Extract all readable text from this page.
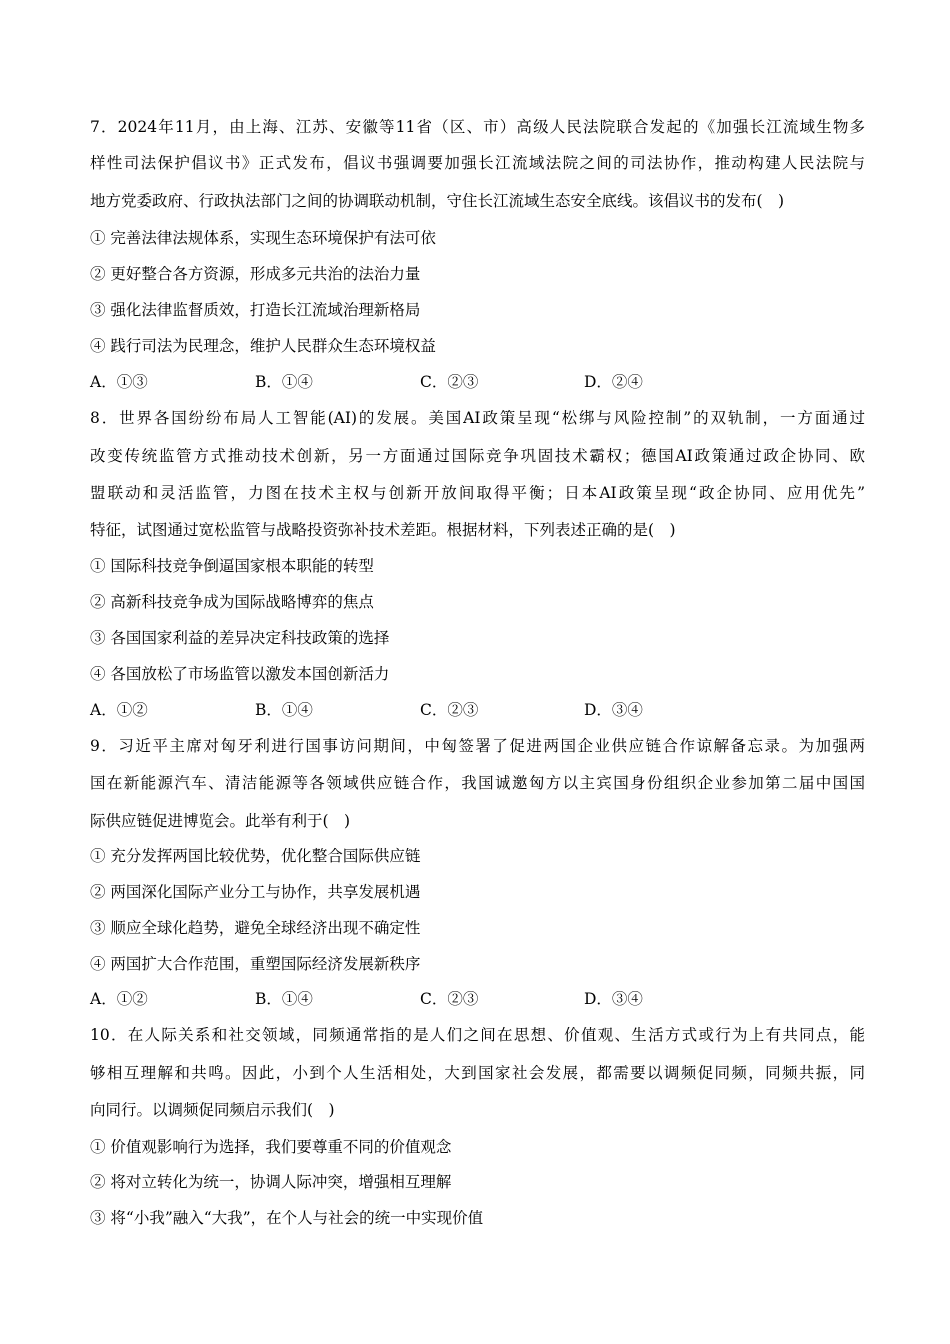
7．2024年11月，由上海、江苏、安徽等11省（区、市）高级人民法院联合发起的《加强长江流域生物多
样性司法保护倡议书》正式发布，倡议书强调要加强长江流域法院之间的司法协作，推动构建人民法院与
地方党委政府、行政执法部门之间的协调联动机制，守住长江流域生态安全底线。该倡议书的发布(　)
① 完善法律法规体系，实现生态环境保护有法可依
② 更好整合各方资源，形成多元共治的法治力量
③ 强化法律监督质效，打造长江流域治理新格局
④ 践行司法为民理念，维护人民群众生态环境权益
A．①③	B．①④	C．②③	D．②④
8．世界各国纷纷布局人工智能(AI)的发展。美国AI政策呈现“松绑与风险控制”的双轨制，一方面通过
改变传统监管方式推动技术创新，另一方面通过国际竞争巩固技术霸权；德国AI政策通过政企协同、欧
盟联动和灵活监管，力图在技术主权与创新开放间取得平衡；日本AI政策呈现“政企协同、应用优先”
特征，试图通过宽松监管与战略投资弥补技术差距。根据材料，下列表述正确的是(　)
① 国际科技竞争倒逼国家根本职能的转型
② 高新科技竞争成为国际战略博弈的焦点
③ 各国国家利益的差异决定科技政策的选择
④ 各国放松了市场监管以激发本国创新活力
A．①②	B．①④	C．②③	D．③④
9．习近平主席对匈牙利进行国事访问期间，中匈签署了促进两国企业供应链合作谅解备忘录。为加强两
国在新能源汽车、清洁能源等各领域供应链合作，我国诚邀匈方以主宾国身份组织企业参加第二届中国国
际供应链促进博览会。此举有利于(　)
① 充分发挥两国比较优势，优化整合国际供应链
② 两国深化国际产业分工与协作，共享发展机遇
③ 顺应全球化趋势，避免全球经济出现不确定性
④ 两国扩大合作范围，重塑国际经济发展新秩序
A．①②	B．①④	C．②③	D．③④
10．在人际关系和社交领域，同频通常指的是人们之间在思想、价值观、生活方式或行为上有共同点，能
够相互理解和共鸣。因此，小到个人生活相处，大到国家社会发展，都需要以调频促同频，同频共振，同
向同行。以调频促同频启示我们(　)
① 价值观影响行为选择，我们要尊重不同的价值观念
② 将对立转化为统一，协调人际冲突，增强相互理解
③ 将“小我”融入“大我”，在个人与社会的统一中实现价值
